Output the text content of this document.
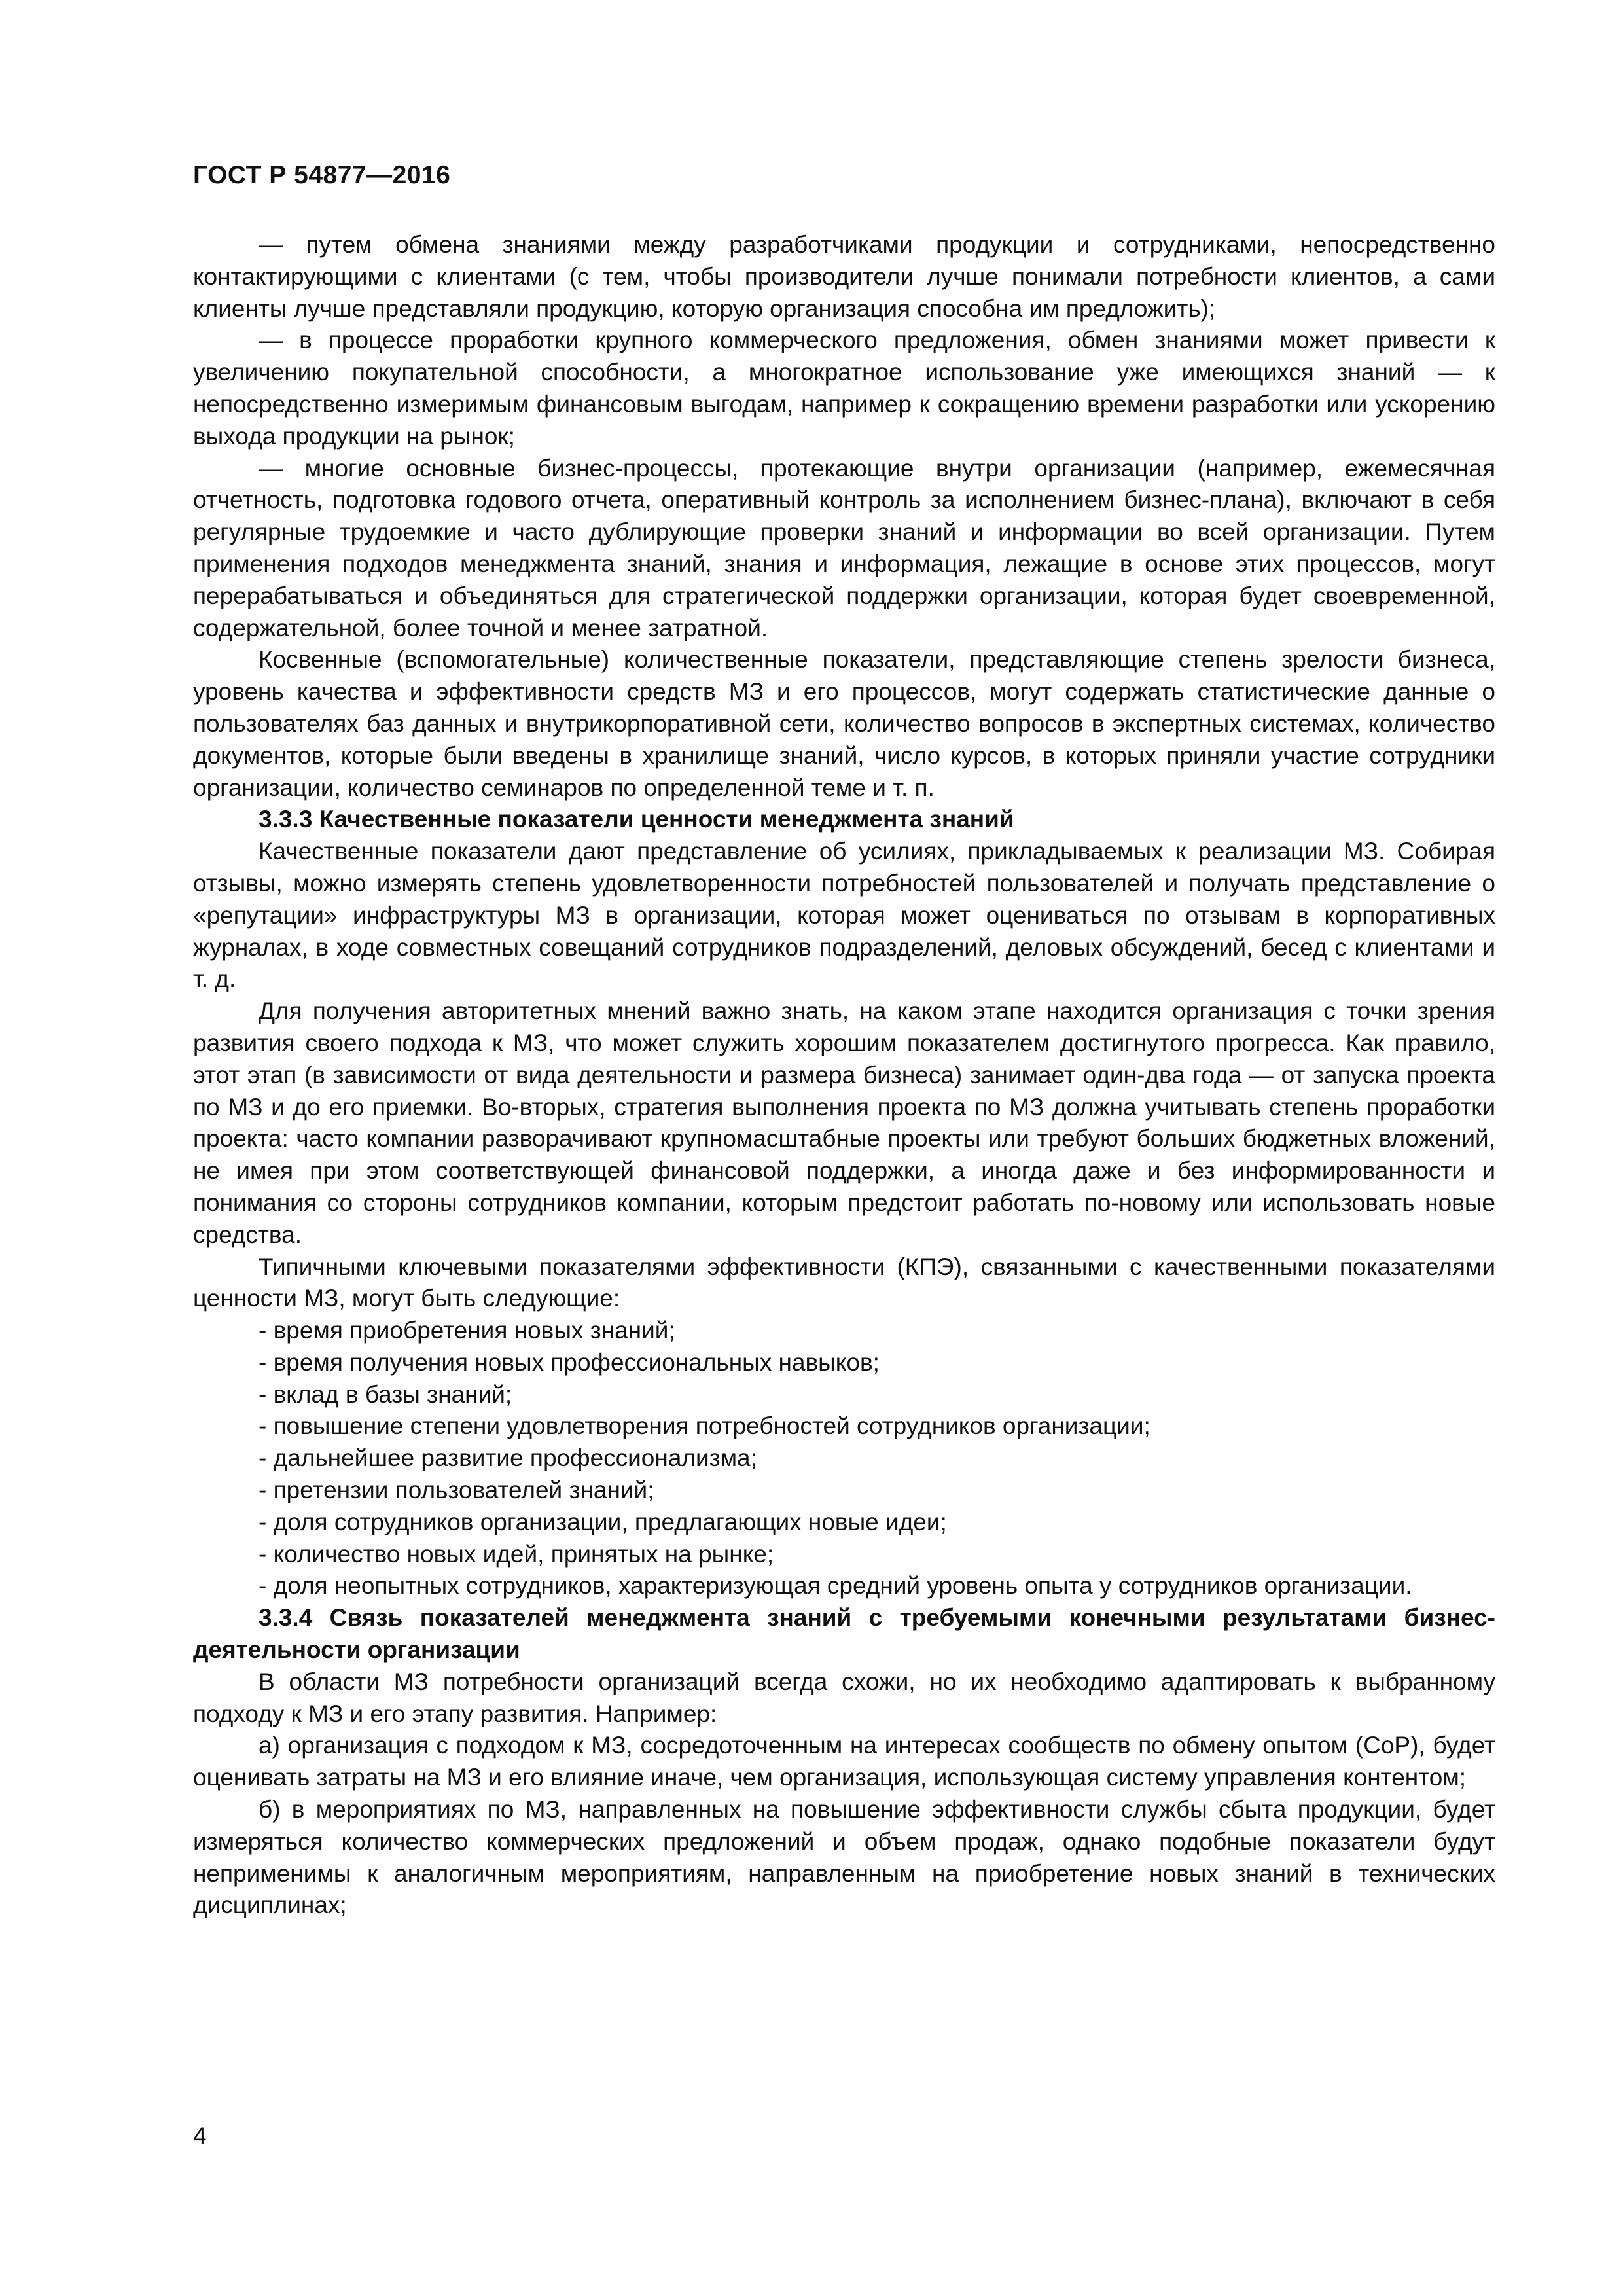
ГОСТ Р 54877—2016

— путем обмена знаниями между разработчиками продукции и сотрудниками, непосредственно контактирующими с клиентами (с тем, чтобы производители лучше понимали потребности клиентов, а сами клиенты лучше представляли продукцию, которую организация способна им предложить);

— в процессе проработки крупного коммерческого предложения, обмен знаниями может привести к увеличению покупательной способности, а многократное использование уже имеющихся знаний — к непосредственно измеримым финансовым выгодам, например к сокращению времени разработки или ускорению выхода продукции на рынок;

— многие основные бизнес-процессы, протекающие внутри организации (например, ежемесячная отчетность, подготовка годового отчета, оперативный контроль за исполнением бизнес-плана), включают в себя регулярные трудоемкие и часто дублирующие проверки знаний и информации во всей организации. Путем применения подходов менеджмента знаний, знания и информация, лежащие в основе этих процессов, могут перерабатываться и объединяться для стратегической поддержки организации, которая будет своевременной, содержательной, более точной и менее затратной.

Косвенные (вспомогательные) количественные показатели, представляющие степень зрелости бизнеса, уровень качества и эффективности средств МЗ и его процессов, могут содержать статистические данные о пользователях баз данных и внутрикорпоративной сети, количество вопросов в экспертных системах, количество документов, которые были введены в хранилище знаний, число курсов, в которых приняли участие сотрудники организации, количество семинаров по определенной теме и т. п.

3.3.3 Качественные показатели ценности менеджмента знаний

Качественные показатели дают представление об усилиях, прикладываемых к реализации МЗ. Собирая отзывы, можно измерять степень удовлетворенности потребностей пользователей и получать представление о «репутации» инфраструктуры МЗ в организации, которая может оцениваться по отзывам в корпоративных журналах, в ходе совместных совещаний сотрудников подразделений, деловых обсуждений, бесед с клиентами и т. д.

Для получения авторитетных мнений важно знать, на каком этапе находится организация с точки зрения развития своего подхода к МЗ, что может служить хорошим показателем достигнутого прогресса. Как правило, этот этап (в зависимости от вида деятельности и размера бизнеса) занимает один-два года — от запуска проекта по МЗ и до его приемки. Во-вторых, стратегия выполнения проекта по МЗ должна учитывать степень проработки проекта: часто компании разворачивают крупномасштабные проекты или требуют больших бюджетных вложений, не имея при этом соответствующей финансовой поддержки, а иногда даже и без информированности и понимания со стороны сотрудников компании, которым предстоит работать по-новому или использовать новые средства.

Типичными ключевыми показателями эффективности (КПЭ), связанными с качественными показателями ценности МЗ, могут быть следующие:

- время приобретения новых знаний;
- время получения новых профессиональных навыков;
- вклад в базы знаний;
- повышение степени удовлетворения потребностей сотрудников организации;
- дальнейшее развитие профессионализма;
- претензии пользователей знаний;
- доля сотрудников организации, предлагающих новые идеи;
- количество новых идей, принятых на рынке;
- доля неопытных сотрудников, характеризующая средний уровень опыта у сотрудников организации.

3.3.4 Связь показателей менеджмента знаний с требуемыми конечными результатами бизнес-деятельности организации

В области МЗ потребности организаций всегда схожи, но их необходимо адаптировать к выбранному подходу к МЗ и его этапу развития. Например:

а) организация с подходом к МЗ, сосредоточенным на интересах сообществ по обмену опытом (CoP), будет оценивать затраты на МЗ и его влияние иначе, чем организация, использующая систему управления контентом;

б) в мероприятиях по МЗ, направленных на повышение эффективности службы сбыта продукции, будет измеряться количество коммерческих предложений и объем продаж, однако подобные показатели будут неприменимы к аналогичным мероприятиям, направленным на приобретение новых знаний в технических дисциплинах;

4
